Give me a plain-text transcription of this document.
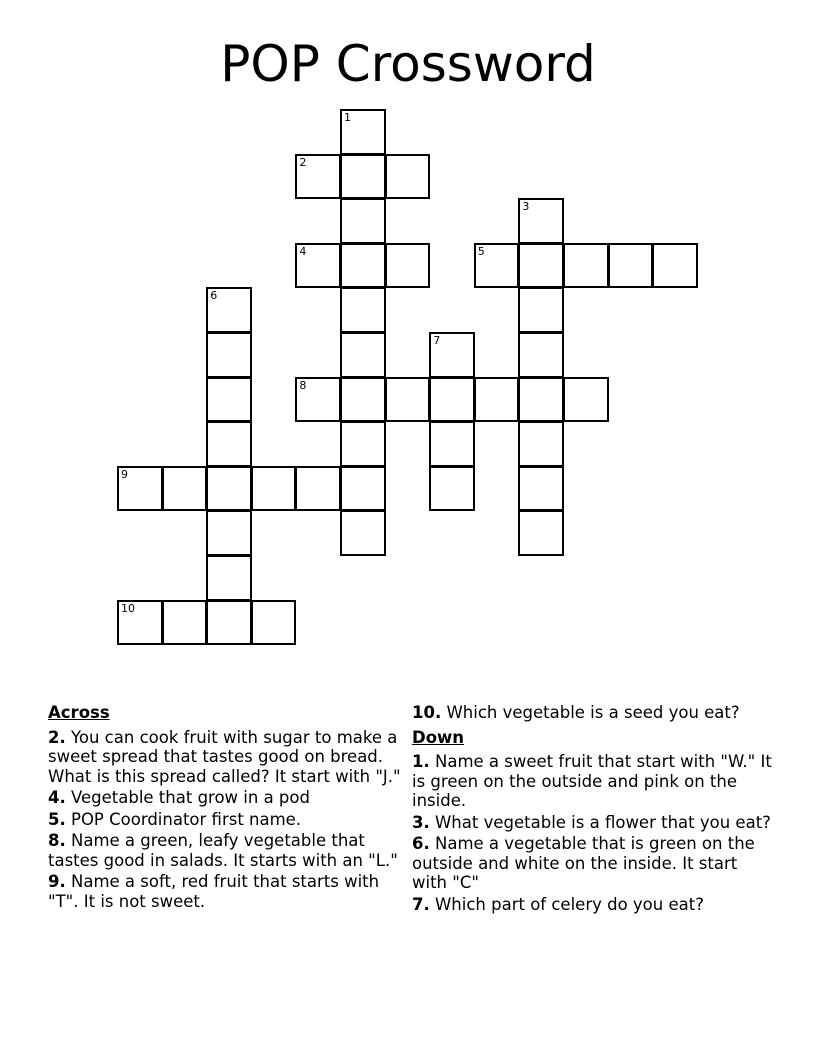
POP Crossword
1
2
3
4	5
6
7
8
9
10
Across
2. You can cook fruit with sugar to make a sweet spread that tastes good on bread. What is this spread called? It start with "J."
4. Vegetable that grow in a pod
5. POP Coordinator first name.
8. Name a green, leafy vegetable that tastes good in salads. It starts with an "L."
9. Name a soft, red fruit that starts with "T". It is not sweet.
10. Which vegetable is a seed you eat?
Down
1. Name a sweet fruit that start with "W." It is green on the outside and pink on the inside.
3. What vegetable is a flower that you eat?
6. Name a vegetable that is green on the outside and white on the inside. It start with "C"
7. Which part of celery do you eat?
